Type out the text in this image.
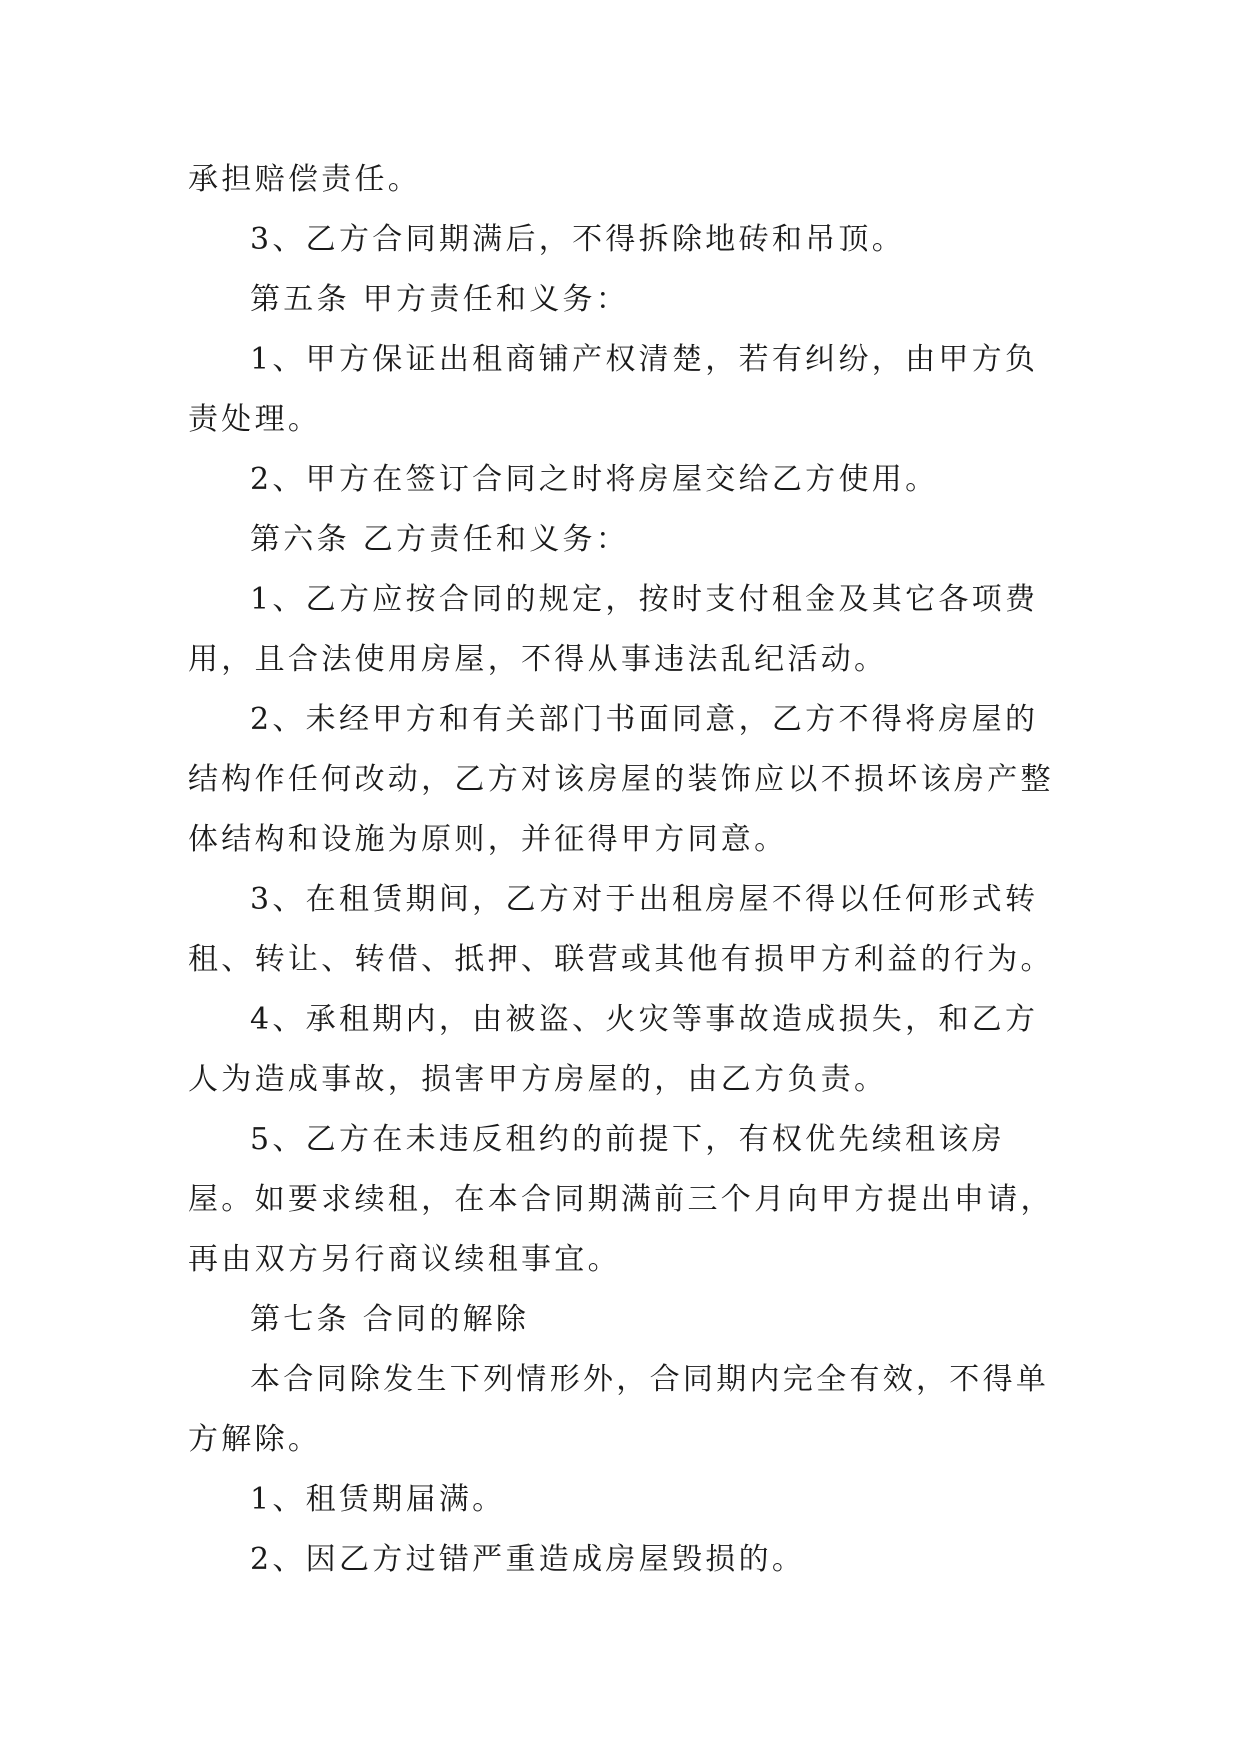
承担赔偿责任。

3、乙方合同期满后，不得拆除地砖和吊顶。

第五条 甲方责任和义务：

1、甲方保证出租商铺产权清楚，若有纠纷，由甲方负责处理。

2、甲方在签订合同之时将房屋交给乙方使用。

第六条 乙方责任和义务：

1、乙方应按合同的规定，按时支付租金及其它各项费用，且合法使用房屋，不得从事违法乱纪活动。

2、未经甲方和有关部门书面同意，乙方不得将房屋的结构作任何改动，乙方对该房屋的装饰应以不损坏该房产整体结构和设施为原则，并征得甲方同意。

3、在租赁期间，乙方对于出租房屋不得以任何形式转租、转让、转借、抵押、联营或其他有损甲方利益的行为。

4、承租期内，由被盗、火灾等事故造成损失，和乙方人为造成事故，损害甲方房屋的，由乙方负责。

5、乙方在未违反租约的前提下，有权优先续租该房屋。如要求续租，在本合同期满前三个月向甲方提出申请，再由双方另行商议续租事宜。

第七条 合同的解除

本合同除发生下列情形外，合同期内完全有效，不得单方解除。

1、租赁期届满。

2、因乙方过错严重造成房屋毁损的。
